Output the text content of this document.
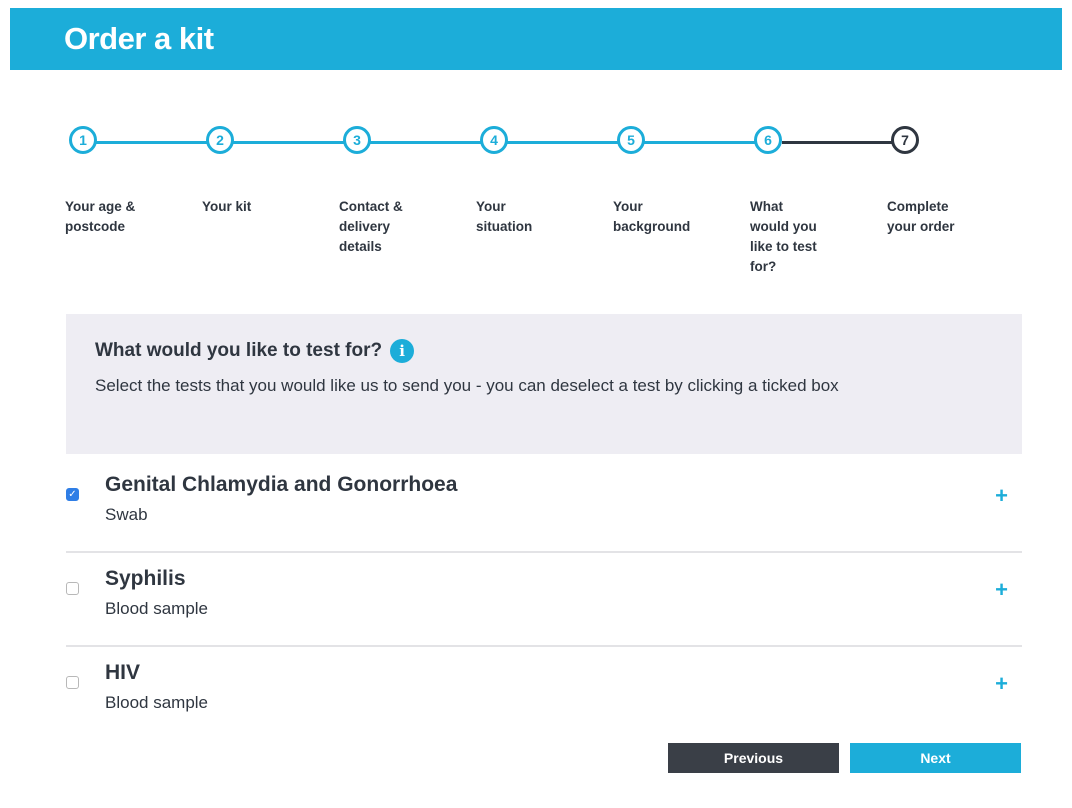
Order a kit
1	2	3	4	5	6	7
Your age &
postcode
Your kit	Contact &
delivery
details
Your
situation
Your
background
What
would you
like to test
for?
Complete
your order
What would you like to test for?	i
Select the tests that you would like us to send you - you can deselect a test by clicking a ticked box
✓ Genital Chlamydia and Gonorrhoea
Swab
+
Syphilis
Blood sample
+
HIV
Blood sample
+
Previous	Next
